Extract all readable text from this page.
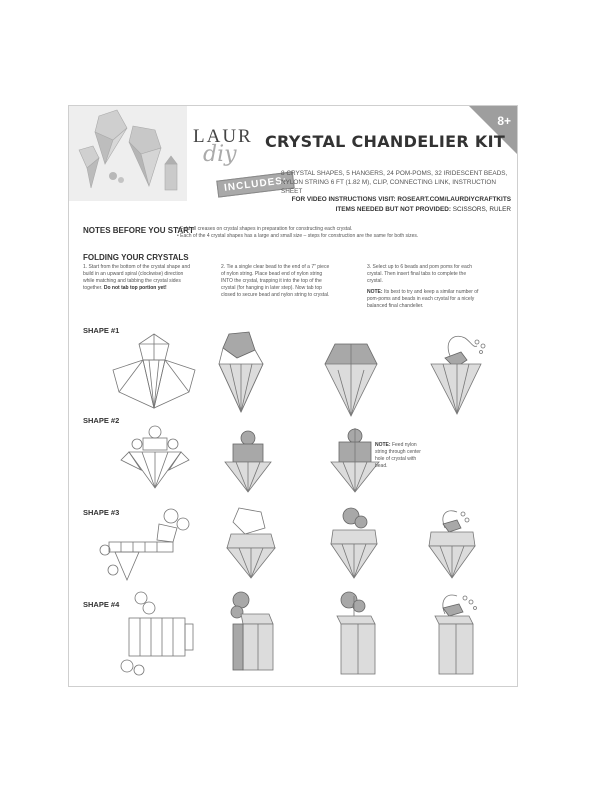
8+
LAUR
diy
CRYSTAL CHANDELIER KIT
INCLUDES:
8 CRYSTAL SHAPES, 5 HANGERS, 24 POM-POMS, 32 IRIDESCENT BEADS,
NYLON STRING 6 FT (1.82 M), CLIP, CONNECTING LINK, INSTRUCTION SHEET
FOR VIDEO INSTRUCTIONS VISIT: ROSEART.COM/LAURDIYCRAFTKITS
ITEMS NEEDED BUT NOT PROVIDED: SCISSORS, RULER
NOTES BEFORE YOU START
• Fold all creases on crystal shapes in preparation for constructing each crystal.
• Each of the 4 crystal shapes has a large and small size – steps for construction are the same for both sizes.
FOLDING YOUR CRYSTALS
1. Start from the bottom of the crystal shape and build in an upward spiral (clockwise) direction while matching and tabbing the crystal sides together. Do not tab top portion yet!
2. Tie a single clear bead to the end of a 7" piece of nylon string. Place bead end of nylon string INTO the crystal, trapping it into the top of the crystal (for hanging in later step). Now tab top closed to secure bead and nylon string to crystal.
3. Select up to 6 beads and pom poms for each crystal. Then insert final tabs to complete the crystal.
NOTE: Its best to try and keep a similar number of pom-poms and beads in each crystal for a nicely balanced final chandelier.
SHAPE #1
SHAPE #2
NOTE: Feed nylon string through center hole of crystal with bead.
SHAPE #3
SHAPE #4
